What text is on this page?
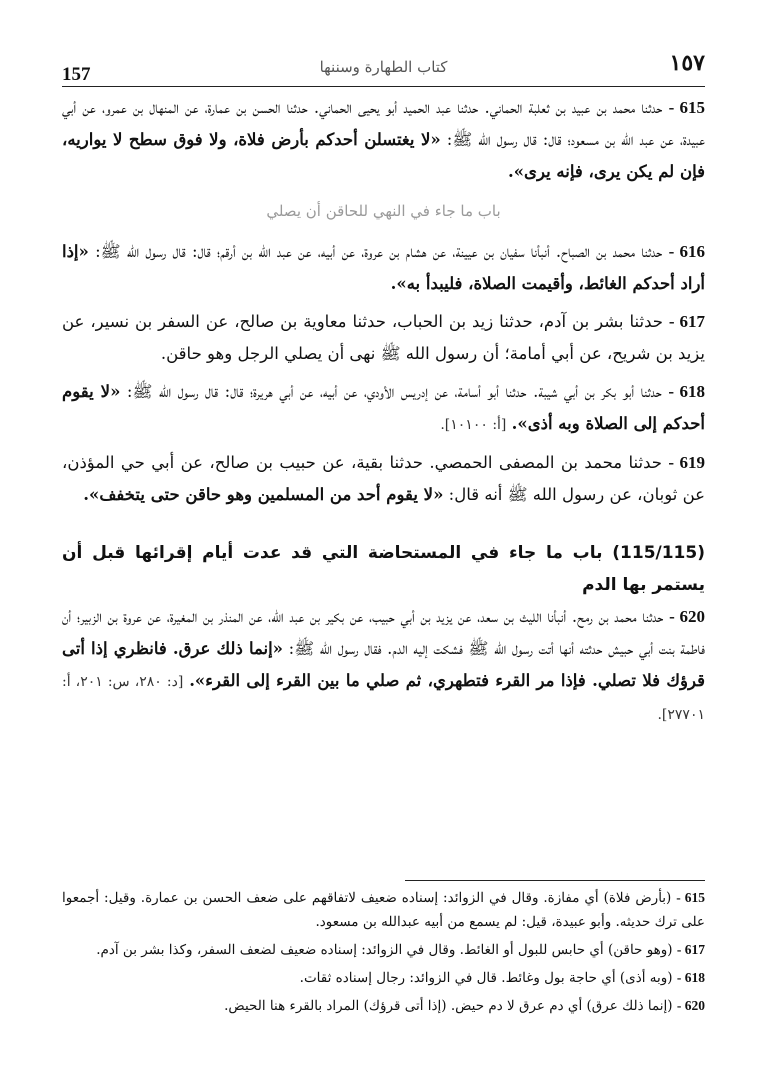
157	كتاب الطهارة وسننها	١٥٧

615 - حدثنا محمد بن عبيد بن ثعلبة الحماني. حدثنا عبد الحميد أبو يحيى الحماني. حدثنا الحسن بن عمارة، عن المنهال بن عمرو، عن أبي عبيدة، عن عبد الله بن مسعود؛ قال: قال رسول الله ﷺ: «لا يغتسلن أحدكم بأرض فلاة، ولا فوق سطح لا يواريه، فإن لم يكن يرى، فإنه يرى».

باب ما جاء في النهي للحاقن أن يصلي

616 - حدثنا محمد بن الصباح. أنبأنا سفيان بن عيينة، عن هشام بن عروة، عن أبيه، عن عبد الله بن أرقم؛ قال: قال رسول الله ﷺ: «إذا أراد أحدكم الغائط، وأقيمت الصلاة، فليبدأ به».

617 - حدثنا بشر بن آدم، حدثنا زيد بن الحباب، حدثنا معاوية بن صالح، عن السفر بن نسير، عن يزيد بن شريح، عن أبي أمامة؛ أن رسول الله ﷺ نهى أن يصلي الرجل وهو حاقن.

618 - حدثنا أبو بكر بن أبي شيبة. حدثنا أبو أسامة، عن إدريس الأودي، عن أبيه، عن أبي هريرة؛ قال: قال رسول الله ﷺ: «لا يقوم أحدكم إلى الصلاة وبه أذى». [أ: ١٠١٠٠].

619 - حدثنا محمد بن المصفى الحمصي. حدثنا بقية، عن حبيب بن صالح، عن أبي حي المؤذن، عن ثوبان، عن رسول الله ﷺ أنه قال: «لا يقوم أحد من المسلمين وهو حاقن حتى يتخفف».

(115/115) باب ما جاء في المستحاضة التي قد عدت أيام إقرائها قبل أن يستمر بها الدم

620 - حدثنا محمد بن رمح. أنبأنا الليث بن سعد، عن يزيد بن أبي حبيب، عن بكير بن عبد الله، عن المنذر بن المغيرة، عن عروة بن الزبير؛ أن فاطمة بنت أبي حبيش حدثته أنها أتت رسول الله ﷺ فشكت إليه الدم. فقال رسول الله ﷺ: «إنما ذلك عرق. فانظري إذا أتى قرؤك فلا تصلي. فإذا مر القرء فتطهري، ثم صلي ما بين القرء إلى القرء». [د: ٢٨٠، س: ٢٠١، أ: ٢٧٧٠١].

615 - (بأرض فلاة) أي مفازة. وقال في الزوائد: إسناده ضعيف لاتفاقهم على ضعف الحسن بن عمارة. وقيل: أجمعوا على ترك حديثه. وأبو عبيدة، قيل: لم يسمع من أبيه عبدالله بن مسعود.

617 - (وهو حاقن) أي حابس للبول أو الغائط. وقال في الزوائد: إسناده ضعيف لضعف السفر، وكذا بشر بن آدم.

618 - (وبه أذى) أي حاجة بول وغائط. قال في الزوائد: رجال إسناده ثقات.

620 - (إنما ذلك عرق) أي دم عرق لا دم حيض. (إذا أتى قرؤك) المراد بالقرء هنا الحيض.
